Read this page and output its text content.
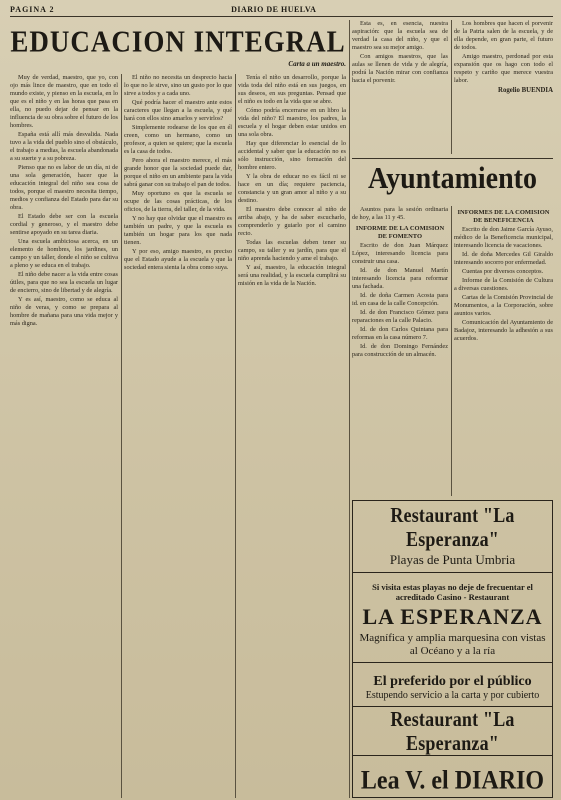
PAGINA 2	DIARIO DE HUELVA
EDUCACION INTEGRAL
Carta a un maestro.

Muy de verdad, maestro, que yo, con ojo más lince de maestro, que en todo el mundo existe, y pienso en la escuela, en lo que es el niño y en las horas que pasa en ella, no puedo dejar de pensar en la influencia de su obra sobre el futuro de los hombres.

España está allí más desvalida. Nada tuvo a la vida del pueblo sino el obstáculo, el trabajo a medias, la escuela abandonada a su suerte y a su pobreza.

Pienso que no es labor de un día, ni de una sola generación, hacer que la educación integral del niño sea cosa de todos, porque el maestro necesita tiempo, medios y confianza del Estado para dar su obra.

El Estado debe ser con la escuela cordial y generoso, y el maestro debe sentirse apoyado en su tarea diaria.

Una escuela ambiciosa acerca, en un elemento de hombres, los jardines, un campo y un taller, donde el niño se cultiva a pleno y se educa en el trabajo.

El niño debe nacer a la vida entre cosas útiles, para que no sea la escuela un lugar de encierro, sino de libertad y de alegría.

Y es así, maestro, como se educa al niño de veras, y como se prepara al hombre de mañana para una vida mejor y más digna.

El niño no necesita un desprecio hacia lo que no le sirve, sino un gusto por lo que sirve a todos y a cada uno.

Qué podría hacer el maestro ante estos caracteres que llegan a la escuela, y qué hará con ellos sino amarlos y servirlos?

Simplemente rodearse de los que en él creen, como un hermano, como un profesor, a quien se quiere; que la escuela es la casa de todos.

Pero ahora el maestro merece, el más grande honor que la sociedad puede dar, porque el niño en un ambiente para la vida sabrá ganar con su trabajo el pan de todos.

Muy oportuno es que la escuela se ocupe de las cosas prácticas, de los oficios, de la tierra, del taller, de la vida.

Y no hay que olvidar que el maestro es también un padre, y que la escuela es también un hogar para los que nada tienen.

Y por eso, amigo maestro, es preciso que el Estado ayude a la escuela y que la sociedad entera sienta la obra como suya.

Tenía el niño un desarrollo, porque la vida toda del niño está en sus juegos, en sus deseos, en sus preguntas. Pensad que el niño es todo en la vida que se abre.

Cómo podría encerrarse en un libro la vida del niño? El maestro, los padres, la escuela y el hogar deben estar unidos en una sola obra.

Hay que diferenciar lo esencial de lo accidental y saber que la educación no es sólo instrucción, sino formación del hombre entero.

Y la obra de educar no es fácil ni se hace en un día; requiere paciencia, constancia y un gran amor al niño y a su destino.

El maestro debe conocer al niño de arriba abajo, y ha de saber escucharlo, comprenderlo y guiarlo por el camino recto.

Todas las escuelas deben tener su campo, su taller y su jardín, para que el niño aprenda haciendo y ame el trabajo.

Y así, maestro, la educación integral será una realidad, y la escuela cumplirá su misión en la vida de la Nación.

Esta es, en esencia, nuestra aspiración: que la escuela sea de verdad la casa del niño, y que el maestro sea su mejor amigo.

Con amigos maestros, que las aulas se llenen de vida y de alegría, podrá la Nación mirar con confianza hacia el porvenir.

Los hombres que hacen el porvenir de la Patria salen de la escuela, y de ella depende, en gran parte, el futuro de todos.

Amigo maestro, perdonad por esta expansión que os hago con todo el respeto y cariño que merece vuestra labor.

Rogelio BUENDIA
Ayuntamiento

Asuntos para la sesión ordinaria de hoy, a las 11 y 45.

INFORME DE LA COMISION DE FOMENTO

Escrito de don Juan Márquez López, interesando licencia para construir una casa.

Id. de don Manuel Martín interesando licencia para reformar una fachada.

Id. de doña Carmen Acosta para id. en casa de la calle Concepción.

Id. de don Francisco Gómez para reparaciones en la calle Palacio.

Id. de don Carlos Quintana para reformas en la casa número 7.

Id. de don Domingo Fernández para construcción de un almacén.

INFORMES DE LA COMISION DE BENEFICENCIA

Escrito de don Jaime García Ayuso, médico de la Beneficencia municipal, interesando licencia de vacaciones.

Id. de doña Mercedes Gil Giraldo interesando socorro por enfermedad.

Cuentas por diversos conceptos.

Informe de la Comisión de Cultura a diversas cuestiones.

Cartas de la Comisión Provincial de Monumentos, a la Corporación, sobre asuntos varios.

Comunicación del Ayuntamiento de Badajoz, interesando la adhesión a sus acuerdos.

Restaurant "La Esperanza"
Playas de Punta Umbria
Si visita estas playas no deje de frecuentar el acreditado Casino - Restaurant
LA ESPERANZA
Magnífica y amplia marquesina con vistas al Océano y a la ría
El preferido por el público
Estupendo servicio a la carta y por cubierto
Restaurant "La Esperanza"
Lea V. el DIARIO
